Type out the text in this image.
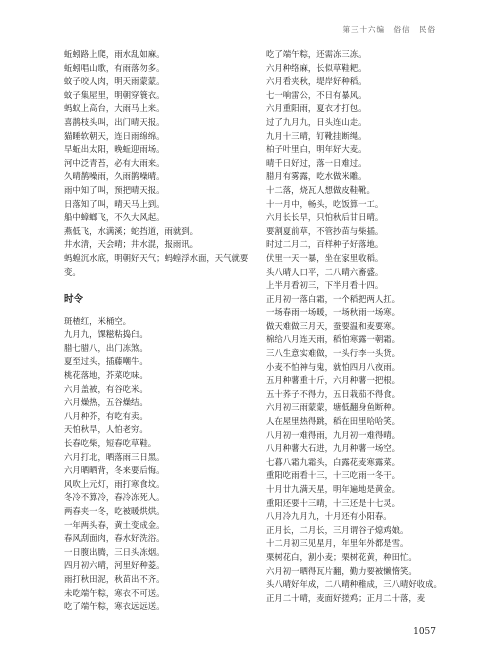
第三十六编　俗信　民俗
蚯蚓路上爬，雨水乱如麻。
蚯蚓唱山歌，有雨落勿多。
蚊子咬人肉，明天雨蒙蒙。
蚊子集屋里，明朝穿簑衣。
蚂蚁上高台，大雨马上来。
喜鹊枝头叫，出门晴天报。
猫睡软朝天，连日雨绵绵。
早蚯出太阳，晚蚯迎雨场。
河中泛青苔，必有大雨来。
久晴鹊噪雨，久雨鹊噪晴。
雨中知了叫，预把晴天报。
日落知了叫，晴天马上到。
船中蟑螂飞，不久大风起。
燕低飞，水满溪；蛇挡道，雨就到。
井水清，天会晴；井水混，报雨讯。
蚂蝗沉水底，明朝好天气；蚂蝗浮水面，天气就要变。
时令
斑楂红，米桶空。
九月九，馃糍粘捣臼。
腊七腊八，出门冻煞。
夏至过头，插藤嘲牛。
桃花落地，芥菜吃味。
六月盖被，有谷吃米。
六月燥热，五谷燥结。
八月种芥，有吃有卖。
天怕秋旱，人怕老穷。
长春吃柴，短春吃草鞋。
六月打北，晒落雨三日黑。
六月晒晒背，冬来要后悔。
风吹上元灯，雨打寒食坟。
冬冷不算冷，春冷冻死人。
两春夹一冬，吃被暖烘烘。
一年两头春，黄土变成金。
春风刮面肉，春水好洗浴。
一日腹出腾，三日头冻烟。
四月初六晴，河里好种菱。
雨打秋田泥，秋苗出不齐。
未吃端午粽，寒衣不可送。
吃了端午粽，寒衣远远送。
吃了端午粽，还需冻三冻。
六月种络麻，长似草鞋耙。
六月看夹秋，堤岸好种稻。
七一响雷公，不日有暴风。
六月重阳雨，夏衣才打包。
过了九月九，日头连山走。
九月十三晴，钉靴挂断绳。
柏子叶里白，明年好大麦。
晴千日好过，落一日难过。
腊月有雾露，吃水做米雕。
十二落，烧瓦人想做皮鞋靴。
十一月中，畅头，吃饭算一工。
六月长长早，只怕秋后甘日晴。
要割夏前草，不管抄苗与柴插。
时过二月二，百样种子好落地。
伏里一天一暴，坐在家里收稻。
头八晴人口平，二八晴六畜盛。
上半月看初三，下半月看十四。
正月初一落白霜，一个稻把两人扛。
一场春雨一场暖，一场秋雨一场寒。
做天难做三月天，蚕要温和麦要寒。
棉给八月连天雨，稻怕寒露一朝霜。
三八生意实难做，一头行李一头货。
小麦不怕神与鬼，就怕四月八夜雨。
五月种薯重十斤，六月种薯一把根。
五十荞子不得力，五日栽茄不得食。
六月初三雨蒙蒙，塘低翻身鱼断种。
人在屋里热得跳，稻在田里哈哈笑。
八月初一难得雨，九月初一难得晴。
八月种薯大石进，九月种薯一场空。
七暮八霜九霜头，白露花麦寒露菜。
重阳吃雨看十三，十三吃雨一冬干。
十月廿九满天星，明年遍地是黄金。
重阳还要十三晴，十三还是十七灵。
八月冷九月九，十月还有小阳春。
正月长，二月长，三月谓谷子熄鸡娘。
十二月初三见星月，年里年外都是雪。
栗树花白，割小麦；栗树花黄，种田忙。
六月初一晒得瓦片翻，勤力要被懒惰笑。
头八晴好年成，二八晴种稚成，三八晴好收成。
正月二十晴，麦面好搓鸡；正月二十落，麦
1057
